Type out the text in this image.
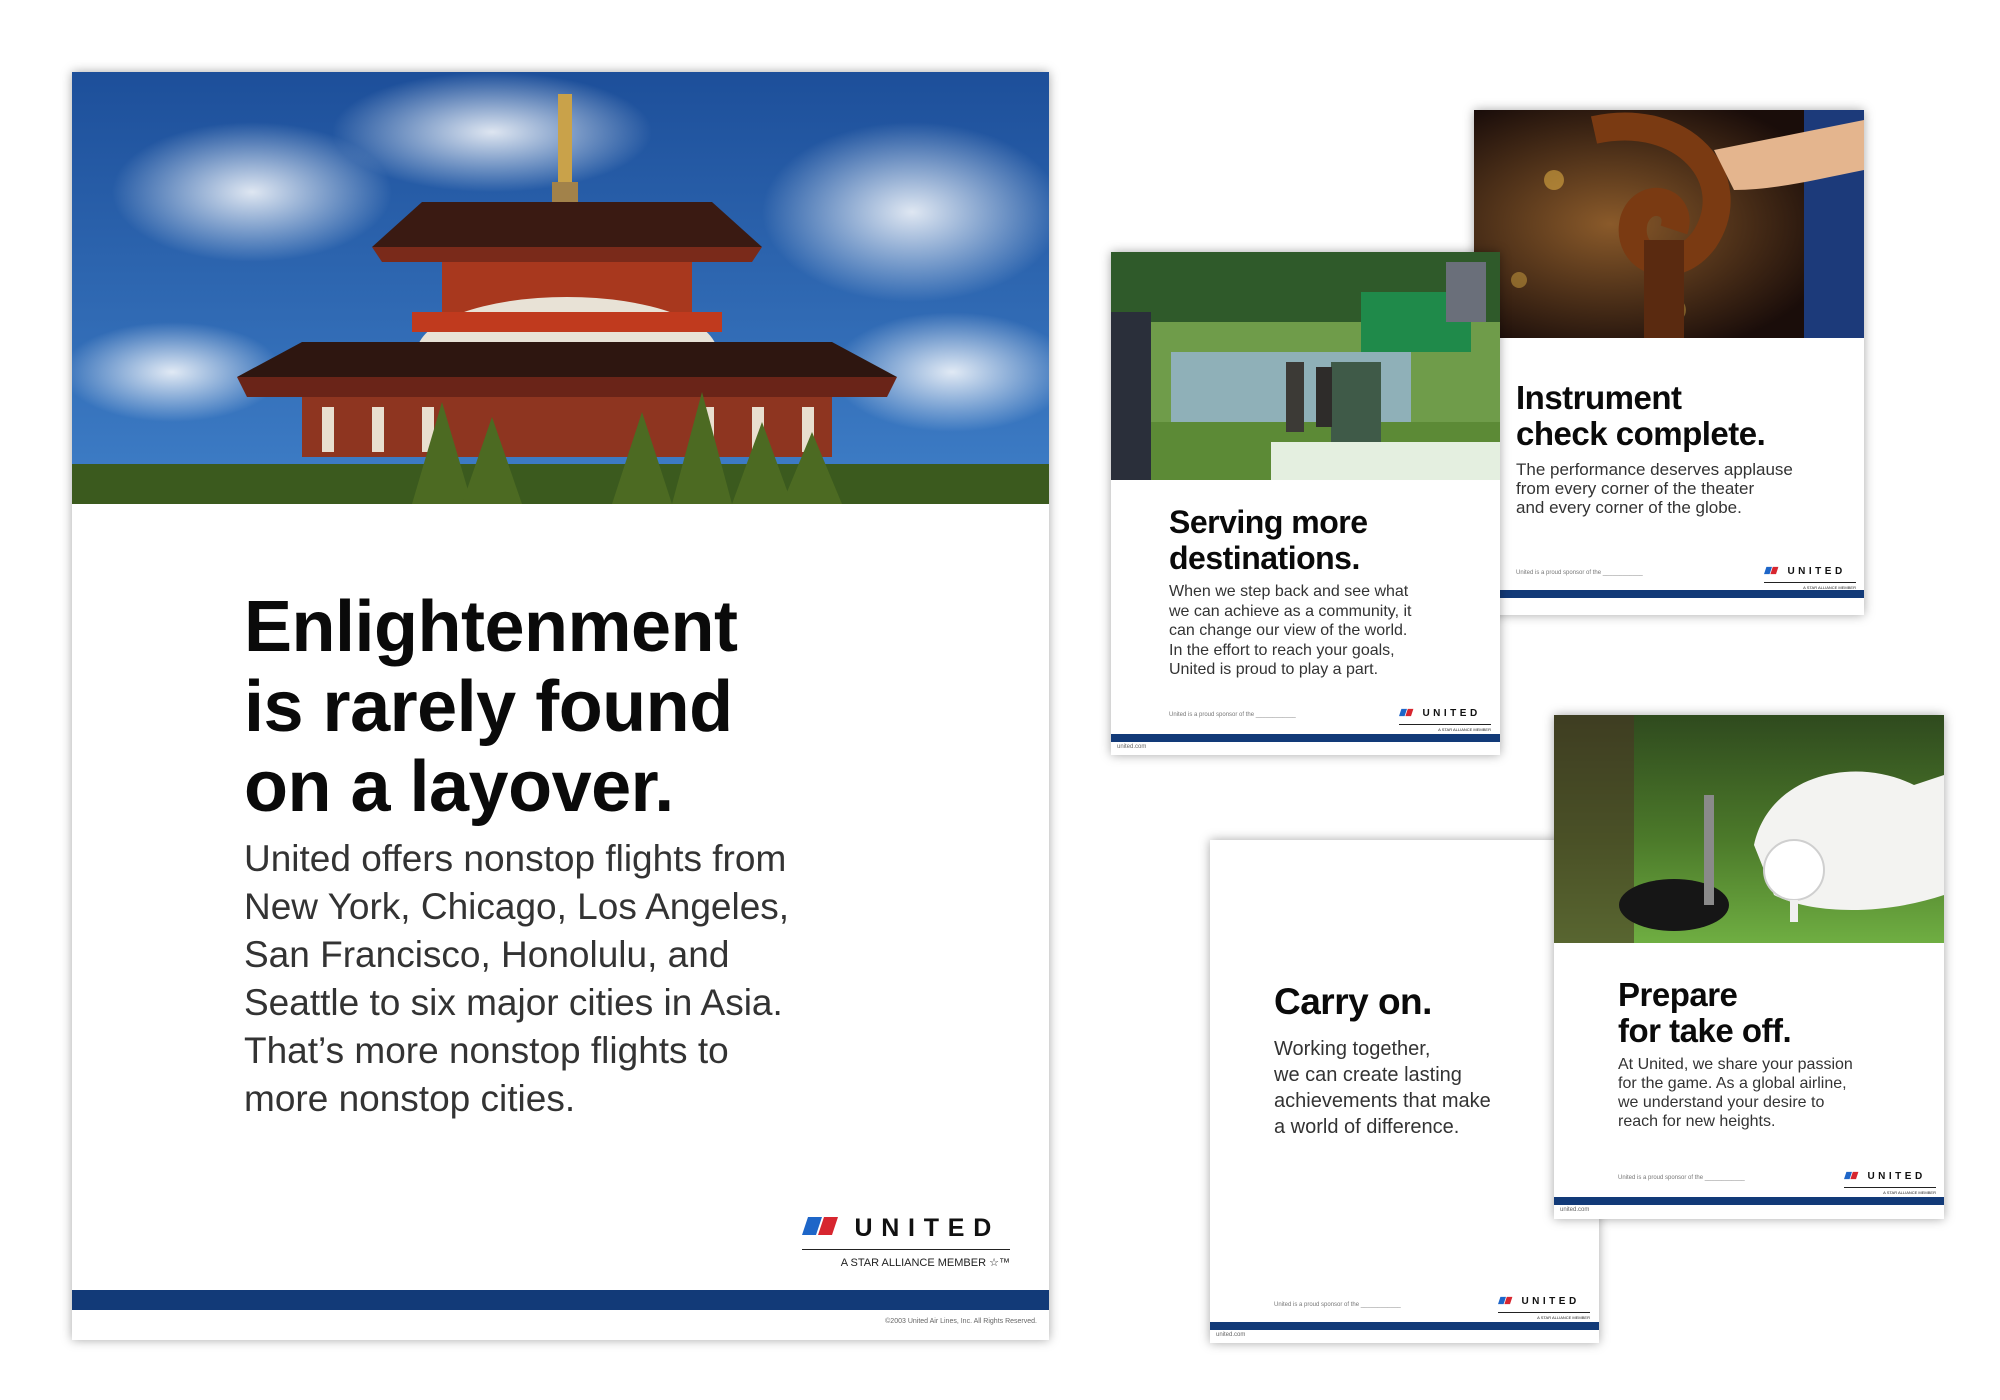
Enlightenment
is rarely found
on a layover.

United offers nonstop flights from
New York, Chicago, Los Angeles,
San Francisco, Honolulu, and
Seattle to six major cities in Asia.
That’s more nonstop flights to
more nonstop cities.

UNITED
A STAR ALLIANCE MEMBER ☆™
©2003 United Air Lines, Inc. All Rights Reserved.
Instrument
check complete.

The performance deserves applause
from every corner of the theater
and every corner of the globe.

United is a proud sponsor of the ____________	UNITED
A STAR ALLIANCE MEMBER
Serving more
destinations.

When we step back and see what
we can achieve as a community, it
can change our view of the world.
In the effort to reach your goals,
United is proud to play a part.

United is a proud sponsor of the ____________	UNITED
A STAR ALLIANCE MEMBER
united.com
Carry on.

Working together,
we can create lasting
achievements that make
a world of difference.

United is a proud sponsor of the ____________	UNITED
A STAR ALLIANCE MEMBER
united.com
Prepare
for take off.

At United, we share your passion
for the game. As a global airline,
we understand your desire to
reach for new heights.

United is a proud sponsor of the ____________	UNITED
A STAR ALLIANCE MEMBER
united.com
